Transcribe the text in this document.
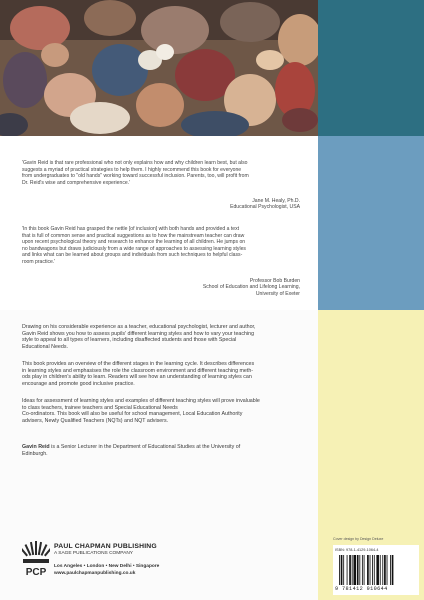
'Gavin Reid is that rare professional who not only explains how and why children learn best, but also
suggests a myriad of practical strategies to help them. I highly recommend this book for everyone
from undergraduates to "old hands" working toward successful inclusion. Parents, too, will profit from
Dr. Reid's wise and comprehensive experience.'
Jane M. Healy, Ph.D.
Educational Psychologist, USA
'In this book Gavin Reid has grasped the nettle [of inclusion] with both hands and provided a text
that is full of common sense and practical suggestions as to how the mainstream teacher can draw
upon recent psychological theory and research to enhance the learning of all children. He jumps on
no bandwagons but draws judiciously from a wide range of approaches to assessing learning styles
and links what can be learned about groups and individuals from such techniques to helpful class-
room practice.'
Professor Bob Burden
School of Education and Lifelong Learning,
University of Exeter
Drawing on his considerable experience as a teacher, educational psychologist, lecturer and author,
Gavin Reid shows you how to assess pupils' different learning styles and how to vary your teaching
style to appeal to all types of learners, including disaffected students and those with Special
Educational Needs.
This book provides an overview of the different stages in the learning cycle. It describes differences
in learning styles and emphasises the role the classroom environment and different teaching meth-
ods play in children's ability to learn. Readers will see how an understanding of learning styles can
encourage and promote good inclusive practice.
Ideas for assessment of learning styles and examples of different teaching styles will prove invaluable
to class teachers, trainee teachers and Special Educational Needs
Co-ordinators. This book will also be useful for school management, Local Education Authority
advisers, Newly Qualified Teachers (NQTs) and NQT advisers.
Gavin Reid is a Senior Lecturer in the Department of Educational Studies at the University of
Edinburgh.
PCP
PAUL CHAPMAN PUBLISHING
A SAGE PUBLICATIONS COMPANY
Los Angeles • London • New Delhi • Singapore
www.paulchapmanpublishing.co.uk
Cover design by Design Deluxe
ISBN: 978-1-4129-1064-4
9 781412 910644
